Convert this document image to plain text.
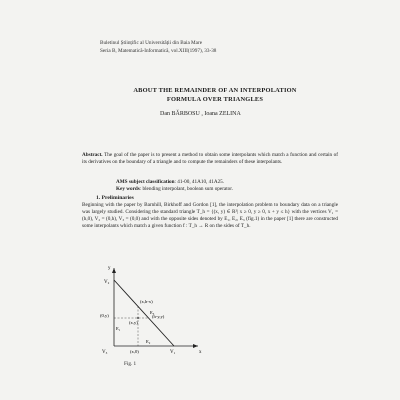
Buletinul Științific al Universității din Baia Mare
Seria B, Matematică-Informatică, vol.XIII(1997), 33-38
ABOUT THE REMAINDER OF AN INTERPOLATION
FORMULA OVER TRIANGLES
Dan BĂRBOSU , Ioana ZELINA
Abstract. The goal of the paper is to present a method to obtain some interpolants which match a function and certain of its derivatives on the boundary of a triangle and to compute the remainders of these interpolants.
AMS subject classification: 41-00, 41A10, 41A25.
Key words: blending interpolant, boolean sum operator.
1. Preliminaries
Beginning with the paper by Barnhill, Birkhoff and Gordon [1], the interpolation problem to boundary data on a triangle was largely studied. Considering the standard triangle T_h = {(x, y) ∈ R²| x ≥ 0, y ≥ 0, x + y ≤ h} with the vertices V₁ = (h,0), V₂ = (0,h), V₃ = (0,0) and with the opposite sides denoted by E₁, E₂, E₃ (fig.1) in the paper [1] there are constructed some interpolants which match a given function f : T_h → R on the sides of T_h.
y
x
V₂
V₃	V₁
E₃
E₁
E₂
(0,y)
(x,y)
(x,h-x)
(h-y,y)
(x,0)
Fig. 1
